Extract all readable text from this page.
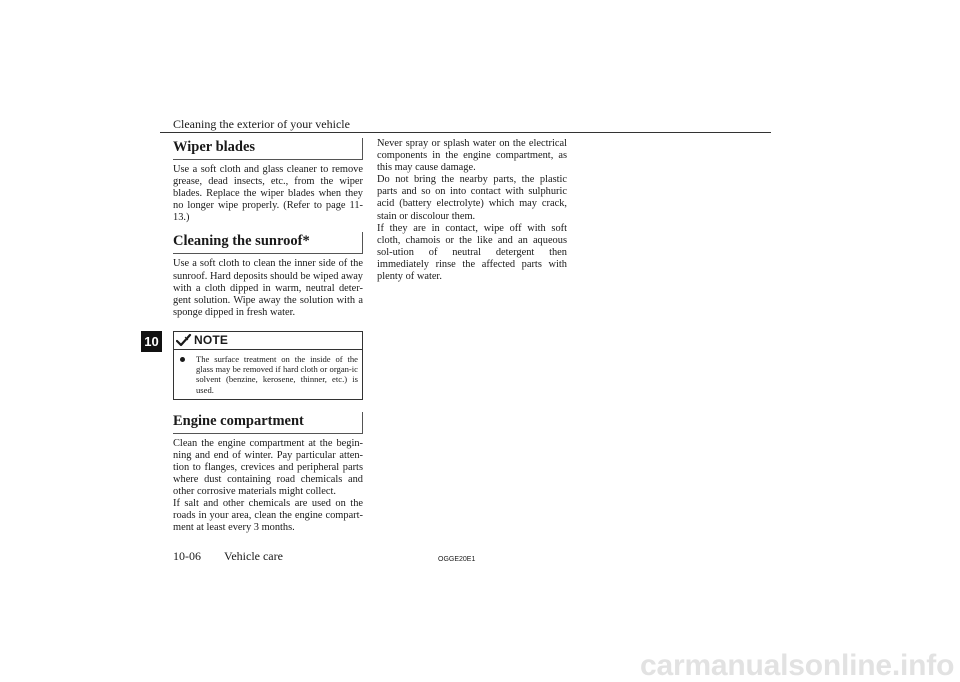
Cleaning the exterior of your vehicle
10
Wiper blades

Use a soft cloth and glass cleaner to remove grease, dead insects, etc., from the wiper blades. Replace the wiper blades when they no longer wipe properly. (Refer to page 11-13.)

Cleaning the sunroof*

Use a soft cloth to clean the inner side of the sunroof. Hard deposits should be wiped away with a cloth dipped in warm, neutral deter-gent solution. Wipe away the solution with a sponge dipped in fresh water.

NOTE
The surface treatment on the inside of the glass may be removed if hard cloth or organ-ic solvent (benzine, kerosene, thinner, etc.) is used.
Engine compartment

Clean the engine compartment at the begin-ning and end of winter. Pay particular atten-tion to flanges, crevices and peripheral parts where dust containing road chemicals and other corrosive materials might collect.

If salt and other chemicals are used on the roads in your area, clean the engine compart-ment at least every 3 months.

Never spray or splash water on the electrical components in the engine compartment, as this may cause damage.

Do not bring the nearby parts, the plastic parts and so on into contact with sulphuric acid (battery electrolyte) which may crack, stain or discolour them.

If they are in contact, wipe off with soft cloth, chamois or the like and an aqueous sol-ution of neutral detergent then immediately rinse the affected parts with plenty of water.

10-06 Vehicle care	OGGE20E1
carmanualsonline.info
